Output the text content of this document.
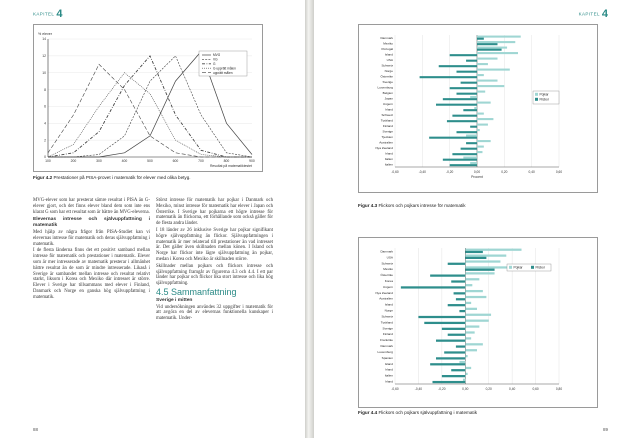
KAPITEL 4
% elever
0
2
4
6
8
10
12
14
100	200	300	400	500	600	700	800	900
Resultat på matematiktestet
MVG
VG
G
G upprätt målen
upprätt målen
Figur 4.2 Prestationer på PISA-provet i matematik för elever med olika betyg.

MVG-elever som har presterat sämre resultat i PISA än G-elever gjort, och det finns elever bland dem som inte ens klarat G som har ett resultat som är bättre än MVG-eleverna.

Elevernas intresse och självuppfattning i matematik

Med hjälp av några frågor från PISA-Studiet kan vi elevernas intresse för matematik och deras självuppfattning i matematik.

I de flesta länderna finns det ett positivt samband mellan intresse för matematik och prestationer i matematik. Elever som är mer intresserade av matematik presterar i allmänhet bättre resultat än de som är mindre intresserade. Likaså i Sverige är sambandet mellan intresse och resultat relativt starkt, liksom i Korea och Mexiko där intresset är större. Elever i Sverige har tillsammans med elever i Finland, Danmark och Norge en ganska hög självuppfattning i matematik.

Störst intresse för matematik har pojkar i Danmark och Mexiko, minst intresse för matematik har elever i Japan och Österrike. I Sverige har pojkarna ett högre intresse för matematik än flickorna, ett förhållande som också gäller för de flesta andra länder.

I 18 länder av 26 inklusive Sverige har pojkar signifikant högre självuppfattning än flickor. Självuppfattningen i matematik är mer relaterad till prestationer än vad intresset är. Det gäller även skillnaden mellan könen. I Island och Norge har flickor inte lägre självuppfattning än pojkar, medan i Korea och Mexiko är skillnaden större.

Skillnader mellan pojkars och flickors intresse och självuppfattning framgår av figurerna 4.3 och 4.4. I ett par länder har pojkar och flickor lika stort intresse och lika hög självuppfattning.

4.5 Sammanfattning
Sverige i mitten

Vid undersökningen användes 32 uppgifter i matematik för att avgöra en del av elevernas funktionella kunskaper i matematik. Under-

88
KAPITEL 4
-0,60	-0,40	-0,20	0,00	0,20	0,40	0,60
Procent
Danmark
Mexiko
Portugal
Island
USA
Schweiz
Norge
Österrike
Sverige
Luxemburg
Belgien
Japan
Ungern
Irland
Schweiz
Tyskland
Finland
Sverige
Tjeckien
Australien
Nya Zeeland
Irland
Italien
Italien
Pojkar
Flickor
Figur 4.3 Flickors och pojkars intresse för matematik
-0,60	-0,40	-0,20	0,00	0,20	0,40	0,60	0,80
Danmark
USA
Schweiz
Mexiko
Österrike
Korea
Ungern
Nya Zeeland
Australien
Island
Norge
Schweiz
Tyskland
Sverige
Finland
Frankrike
Danmark
Luxemburg
Spanien
Island
Irland
Italien
Irland
Pojkar	Flickor
Figur 4.4 Flickors och pojkars självuppfattning i matematik
89
